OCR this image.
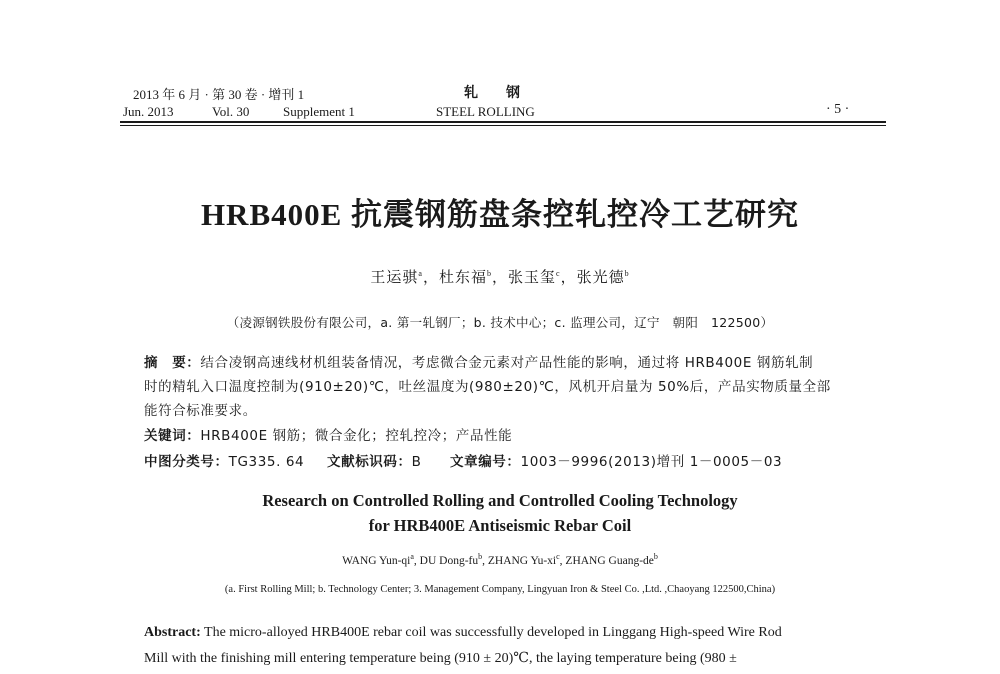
2013 年 6 月 · 第 30 卷 · 增刊 1
Jun. 2013	Vol. 30	Supplement 1
轧　　钢
STEEL ROLLING	· 5 ·
HRB400E 抗震钢筋盘条控轧控冷工艺研究
王运骐$^a$，杜东福$^b$，张玉玺$^c$，张光德$^b$
（凌源钢铁股份有限公司，a. 第一轧钢厂；b. 技术中心；c. 监理公司，辽宁　朝阳　122500）
摘　要：结合凌钢高速线材机组装备情况，考虑微合金元素对产品性能的影响，通过将 HRB400E 钢筋轧制
时的精轧入口温度控制为(910±20)℃，吐丝温度为(980±20)℃，风机开启量为 50%后，产品实物质量全部
能符合标准要求。
关键词：HRB400E 钢筋；微合金化；控轧控冷；产品性能
中图分类号：TG335. 64 文献标识码：B 文章编号：1003－9996(2013)增刊 1－0005－03
Research on Controlled Rolling and Controlled Cooling Technology
for HRB400E Antiseismic Rebar Coil
WANG Yun-$qi^a$, DU Dong-$fu^b$, ZHANG $Yu-xi^c$, ZHANG Guang-$de^b$
(a. First Rolling Mill; b. Technology Center; 3. Management Company, Lingyuan Iron & Steel Co. ,Ltd. ,Chaoyang 122500,China)
Abstract: The micro-alloyed HRB400E rebar coil was successfully developed in Linggang High-speed Wire Rod
Mill with the finishing mill entering temperature being (910 ± 20)℃, the laying temperature being (980 ±
